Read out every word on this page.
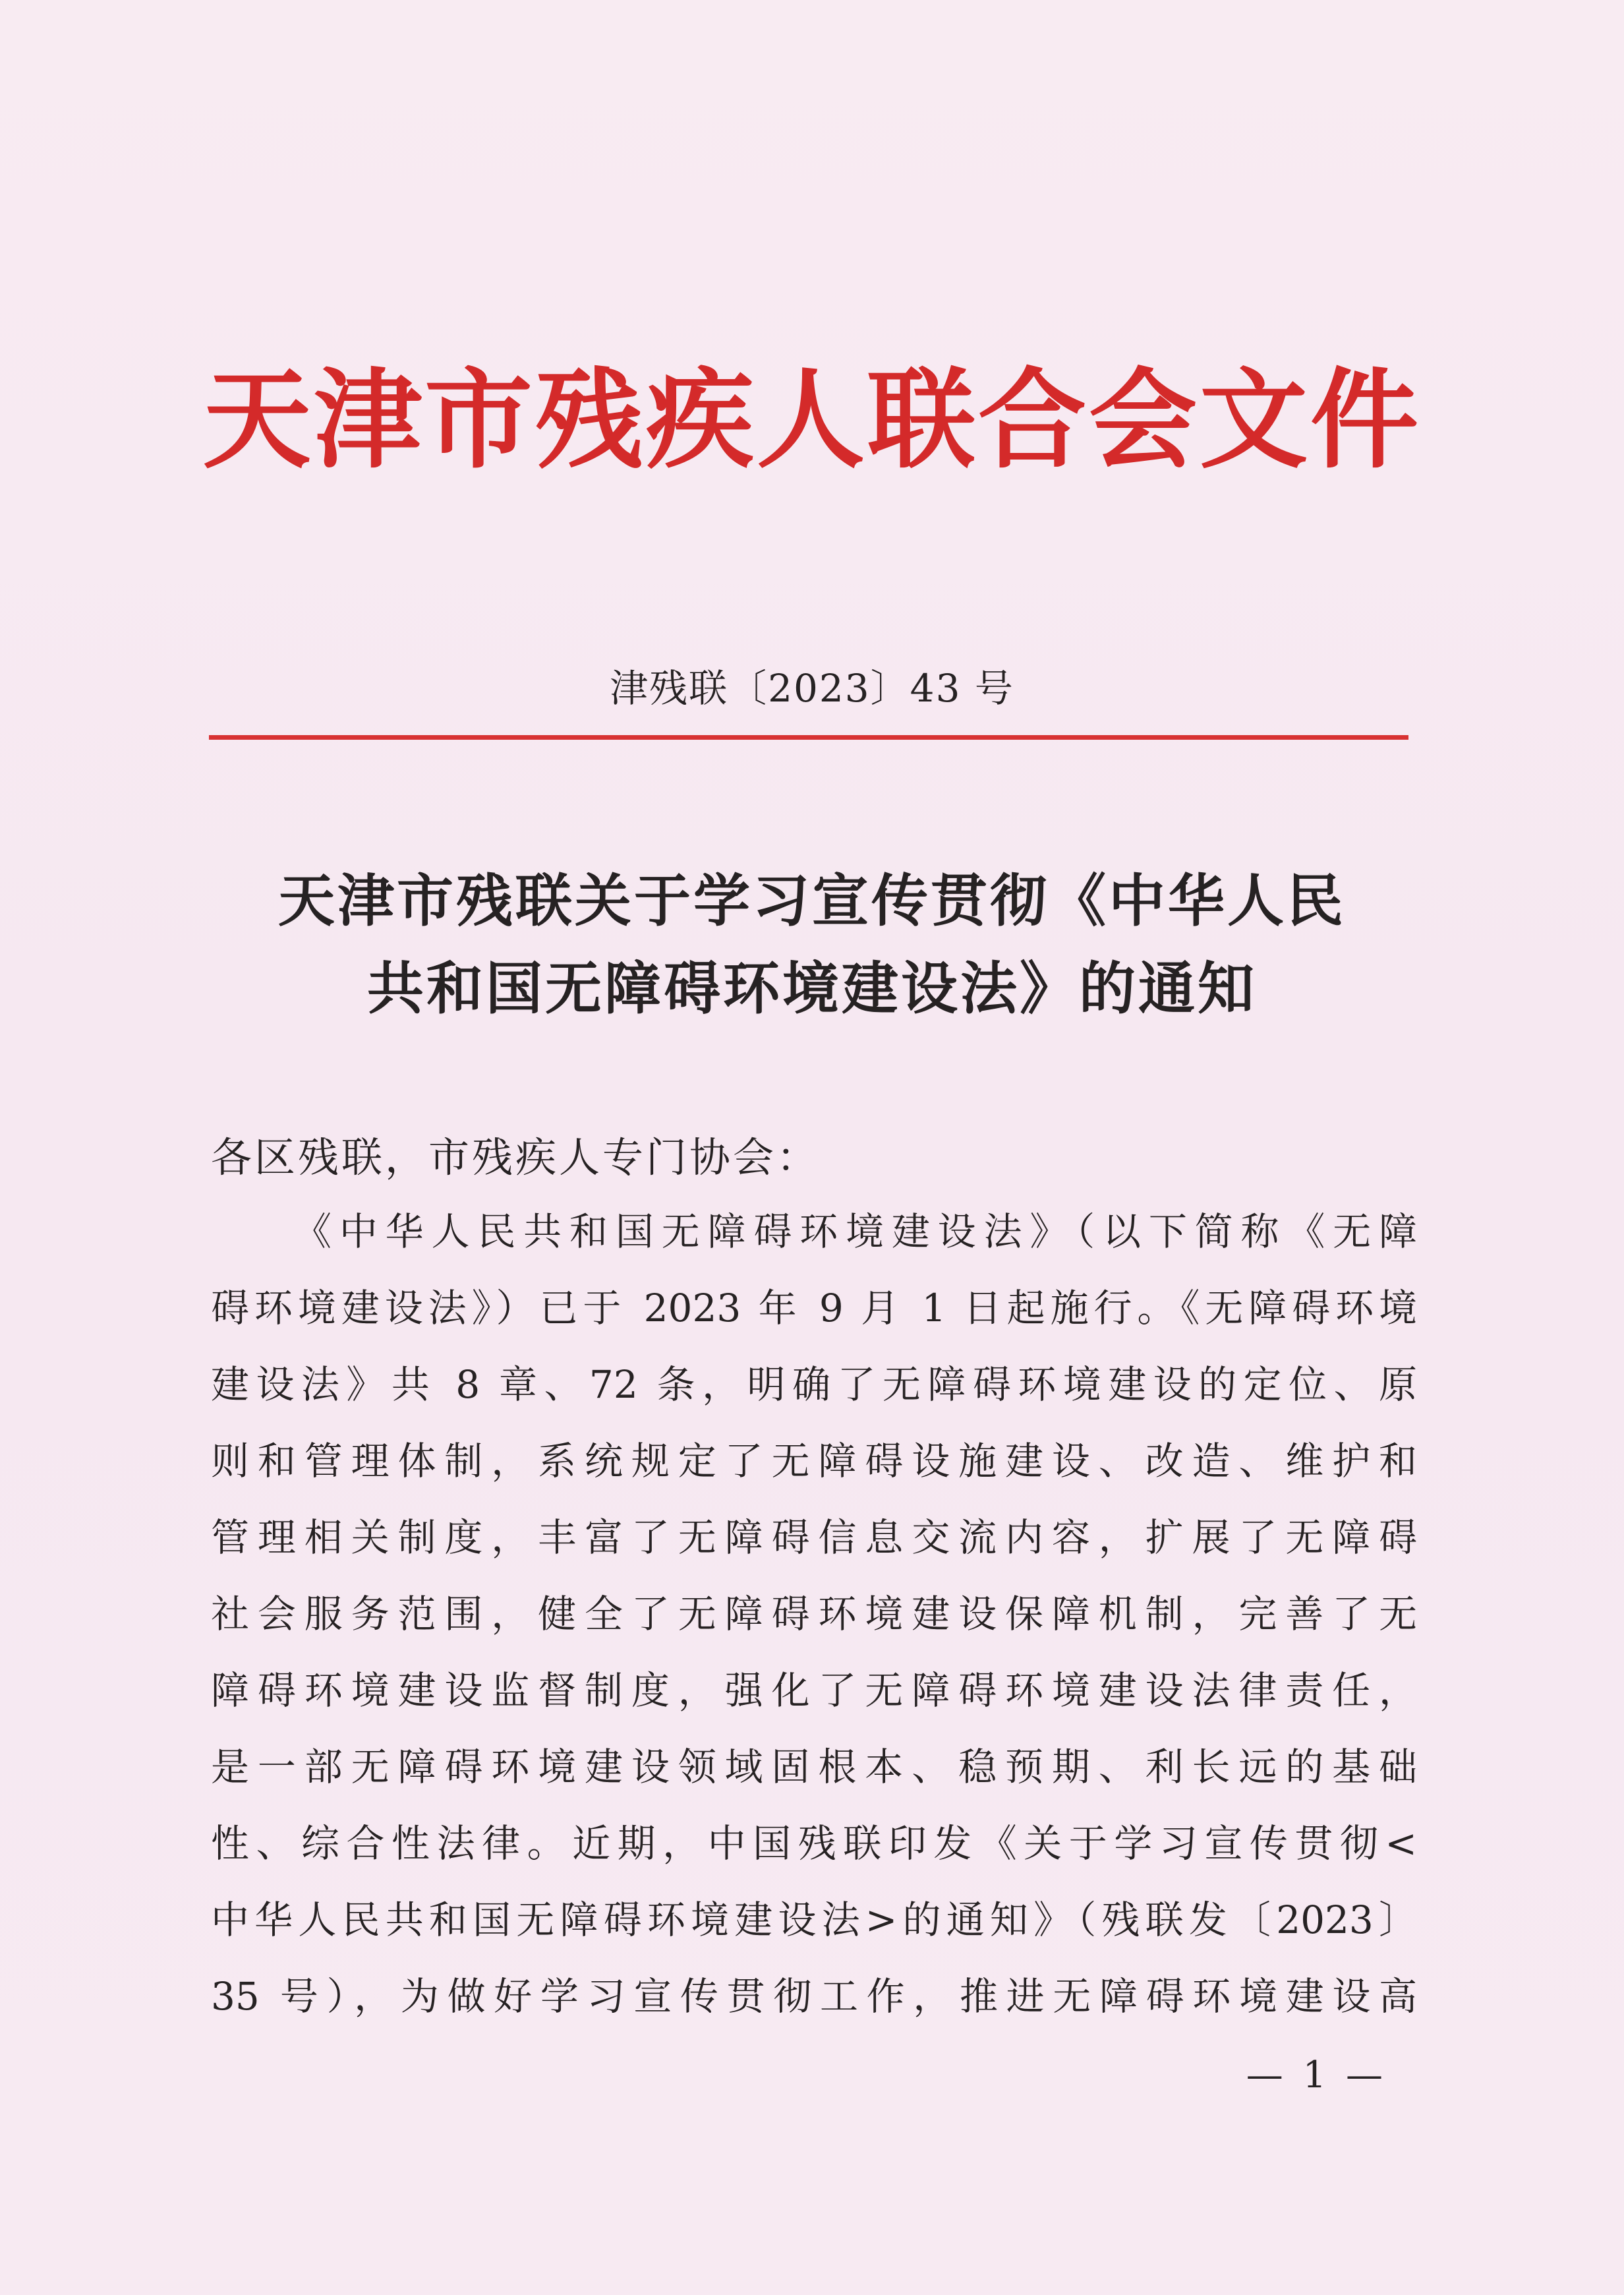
天津市残疾人联合会文件
津残联〔2023〕43 号
天津市残联关于学习宣传贯彻《中华人民
共和国无障碍环境建设法》的通知
各区残联，市残疾人专门协会：
《中华人民共和国无障碍环境建设法》（以下简称《无障
碍环境建设法》）已于 2023 年 9 月 1 日起施行。《无障碍环境
建设法》共 8 章、72 条，明确了无障碍环境建设的定位、原
则和管理体制，系统规定了无障碍设施建设、改造、维护和
管理相关制度，丰富了无障碍信息交流内容，扩展了无障碍
社会服务范围，健全了无障碍环境建设保障机制，完善了无
障碍环境建设监督制度，强化了无障碍环境建设法律责任，
是一部无障碍环境建设领域固根本、稳预期、利长远的基础
性、综合性法律。近期，中国残联印发《关于学习宣传贯彻<
中华人民共和国无障碍环境建设法>的通知》（残联发〔2023〕
35 号），为做好学习宣传贯彻工作，推进无障碍环境建设高
— 1 —
